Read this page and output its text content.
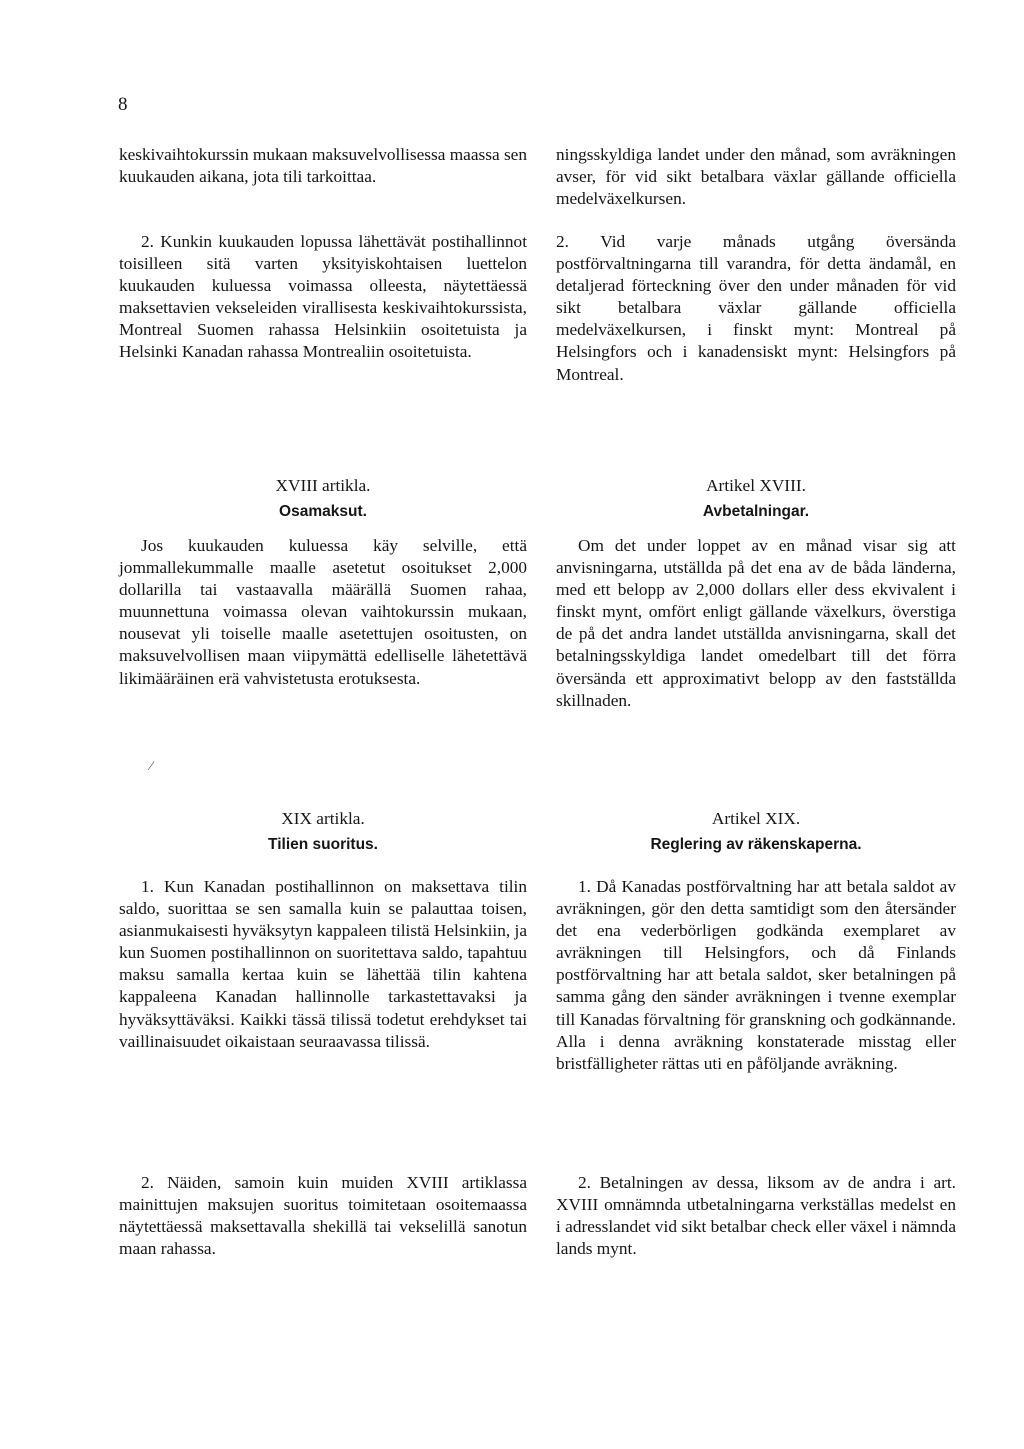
8

keskivaihtokurssin mukaan maksuvelvollisessa maassa sen kuukauden aikana, jota tili tarkoittaa.

2. Kunkin kuukauden lopussa lähettävät postihallinnot toisilleen sitä varten yksityiskohtaisen luettelon kuukauden kuluessa voimassa olleesta, näytettäessä maksettavien vekseleiden virallisesta keskivaihtokurssista, Montreal Suomen rahassa Helsinkiin osoitetuista ja Helsinki Kanadan rahassa Montrealiin osoitetuista.

XVIII artikla.

Osamaksut.

Jos kuukauden kuluessa käy selville, että jommallekummalle maalle asetetut osoitukset 2,000 dollarilla tai vastaavalla määrällä Suomen rahaa, muunnettuna voimassa olevan vaihtokurssin mukaan, nousevat yli toiselle maalle asetettujen osoitusten, on maksuvelvollisen maan viipymättä edelliselle lähetettävä likimääräinen erä vahvistetusta erotuksesta.

XIX artikla.

Tilien suoritus.

1. Kun Kanadan postihallinnon on maksettava tilin saldo, suorittaa se sen samalla kuin se palauttaa toisen, asianmukaisesti hyväksytyn kappaleen tilistä Helsinkiin, ja kun Suomen postihallinnon on suoritettava saldo, tapahtuu maksu samalla kertaa kuin se lähettää tilin kahtena kappaleena Kanadan hallinnolle tarkastettavaksi ja hyväksyttäväksi. Kaikki tässä tilissä todetut erehdykset tai vaillinaisuudet oikaistaan seuraavassa tilissä.

2. Näiden, samoin kuin muiden XVIII artiklassa mainittujen maksujen suoritus toimitetaan osoitemaassa näytettäessä maksettavalla shekillä tai vekselillä sanotun maan rahassa.

ningsskyldiga landet under den månad, som avräkningen avser, för vid sikt betalbara växlar gällande officiella medelväxelkursen.

2. Vid varje månads utgång översända postförvaltningarna till varandra, för detta ändamål, en detaljerad förteckning över den under månaden för vid sikt betalbara växlar gällande officiella medelväxelkursen, i finskt mynt: Montreal på Helsingfors och i kanadensiskt mynt: Helsingfors på Montreal.

Artikel XVIII.

Avbetalningar.

Om det under loppet av en månad visar sig att anvisningarna, utställda på det ena av de båda länderna, med ett belopp av 2,000 dollars eller dess ekvivalent i finskt mynt, omfört enligt gällande växelkurs, överstiga de på det andra landet utställda anvisningarna, skall det betalningsskyldiga landet omedelbart till det förra översända ett approximativt belopp av den fastställda skillnaden.

Artikel XIX.

Reglering av räkenskaperna.

1. Då Kanadas postförvaltning har att betala saldot av avräkningen, gör den detta samtidigt som den återsänder det ena vederbörligen godkända exemplaret av avräkningen till Helsingfors, och då Finlands postförvaltning har att betala saldot, sker betalningen på samma gång den sänder avräkningen i tvenne exemplar till Kanadas förvaltning för granskning och godkännande. Alla i denna avräkning konstaterade misstag eller bristfälligheter rättas uti en påföljande avräkning.

2. Betalningen av dessa, liksom av de andra i art. XVIII omnämnda utbetalningarna verkställas medelst en i adresslandet vid sikt betalbar check eller växel i nämnda lands mynt.

⁄
